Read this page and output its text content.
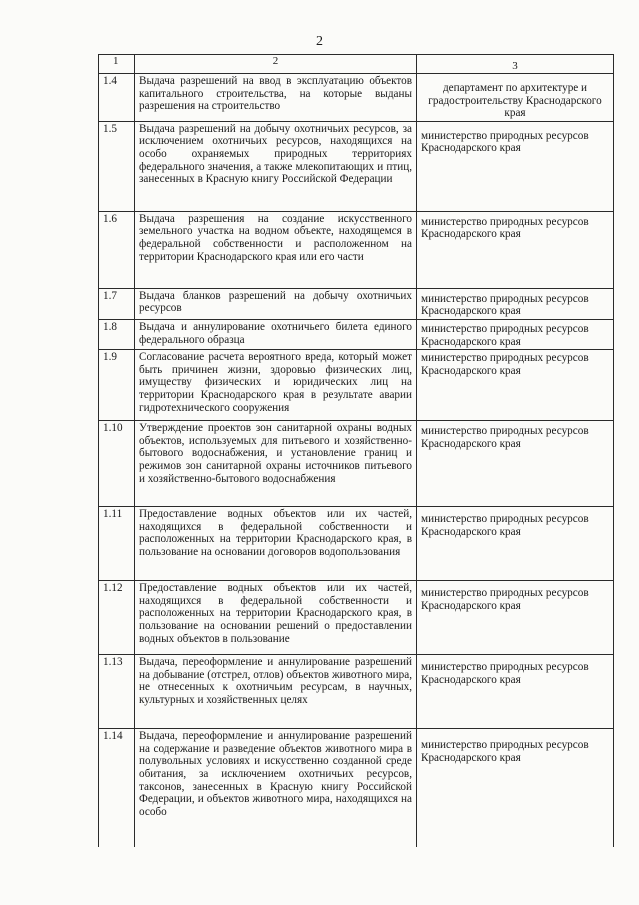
2
1	2	3
1.4	Выдача разрешений на ввод в эксплуатацию объектов капитального строительства, на которые выданы разрешения на строительство	департамент по архитектуре и градостроительству Краснодарского края
1.5	Выдача разрешений на добычу охотничьих ресурсов, за исключением охотничьих ресурсов, находящихся на особо охраняемых природных территориях федерального значения, а также млекопитающих и птиц, занесенных в Красную книгу Российской Федерации	министерство природных ресурсов Краснодарского края
1.6	Выдача разрешения на создание искусственного земельного участка на водном объекте, находящемся в федеральной собственности и расположенном на территории Краснодарского края или его части	министерство природных ресурсов Краснодарского края
1.7	Выдача бланков разрешений на добычу охотничьих ресурсов	министерство природных ресурсов Краснодарского края
1.8	Выдача и аннулирование охотничьего билета единого федерального образца	министерство природных ресурсов Краснодарского края
1.9	Согласование расчета вероятного вреда, который может быть причинен жизни, здоровью физических лиц, имуществу физических и юридических лиц на территории Краснодарского края в результате аварии гидротехнического сооружения	министерство природных ресурсов Краснодарского края
1.10	Утверждение проектов зон санитарной охраны водных объектов, используемых для питьевого и хозяйственно-бытового водоснабжения, и установление границ и режимов зон санитарной охраны источников питьевого и хозяйственно-бытового водоснабжения	министерство природных ресурсов Краснодарского края
1.11	Предоставление водных объектов или их частей, находящихся в федеральной собственности и расположенных на территории Краснодарского края, в пользование на основании договоров водопользования	министерство природных ресурсов Краснодарского края
1.12	Предоставление водных объектов или их частей, находящихся в федеральной собственности и расположенных на территории Краснодарского края, в пользование на основании решений о предоставлении водных объектов в пользование	министерство природных ресурсов Краснодарского края
1.13	Выдача, переоформление и аннулирование разрешений на добывание (отстрел, отлов) объектов животного мира, не отнесенных к охотничьим ресурсам, в научных, культурных и хозяйственных целях	министерство природных ресурсов Краснодарского края
1.14	Выдача, переоформление и аннулирование разрешений на содержание и разведение объектов животного мира в полувольных условиях и искусственно созданной среде обитания, за исключением охотничьих ресурсов, таксонов, занесенных в Красную книгу Российской Федерации, и объектов животного мира, находящихся на особо	министерство природных ресурсов Краснодарского края
